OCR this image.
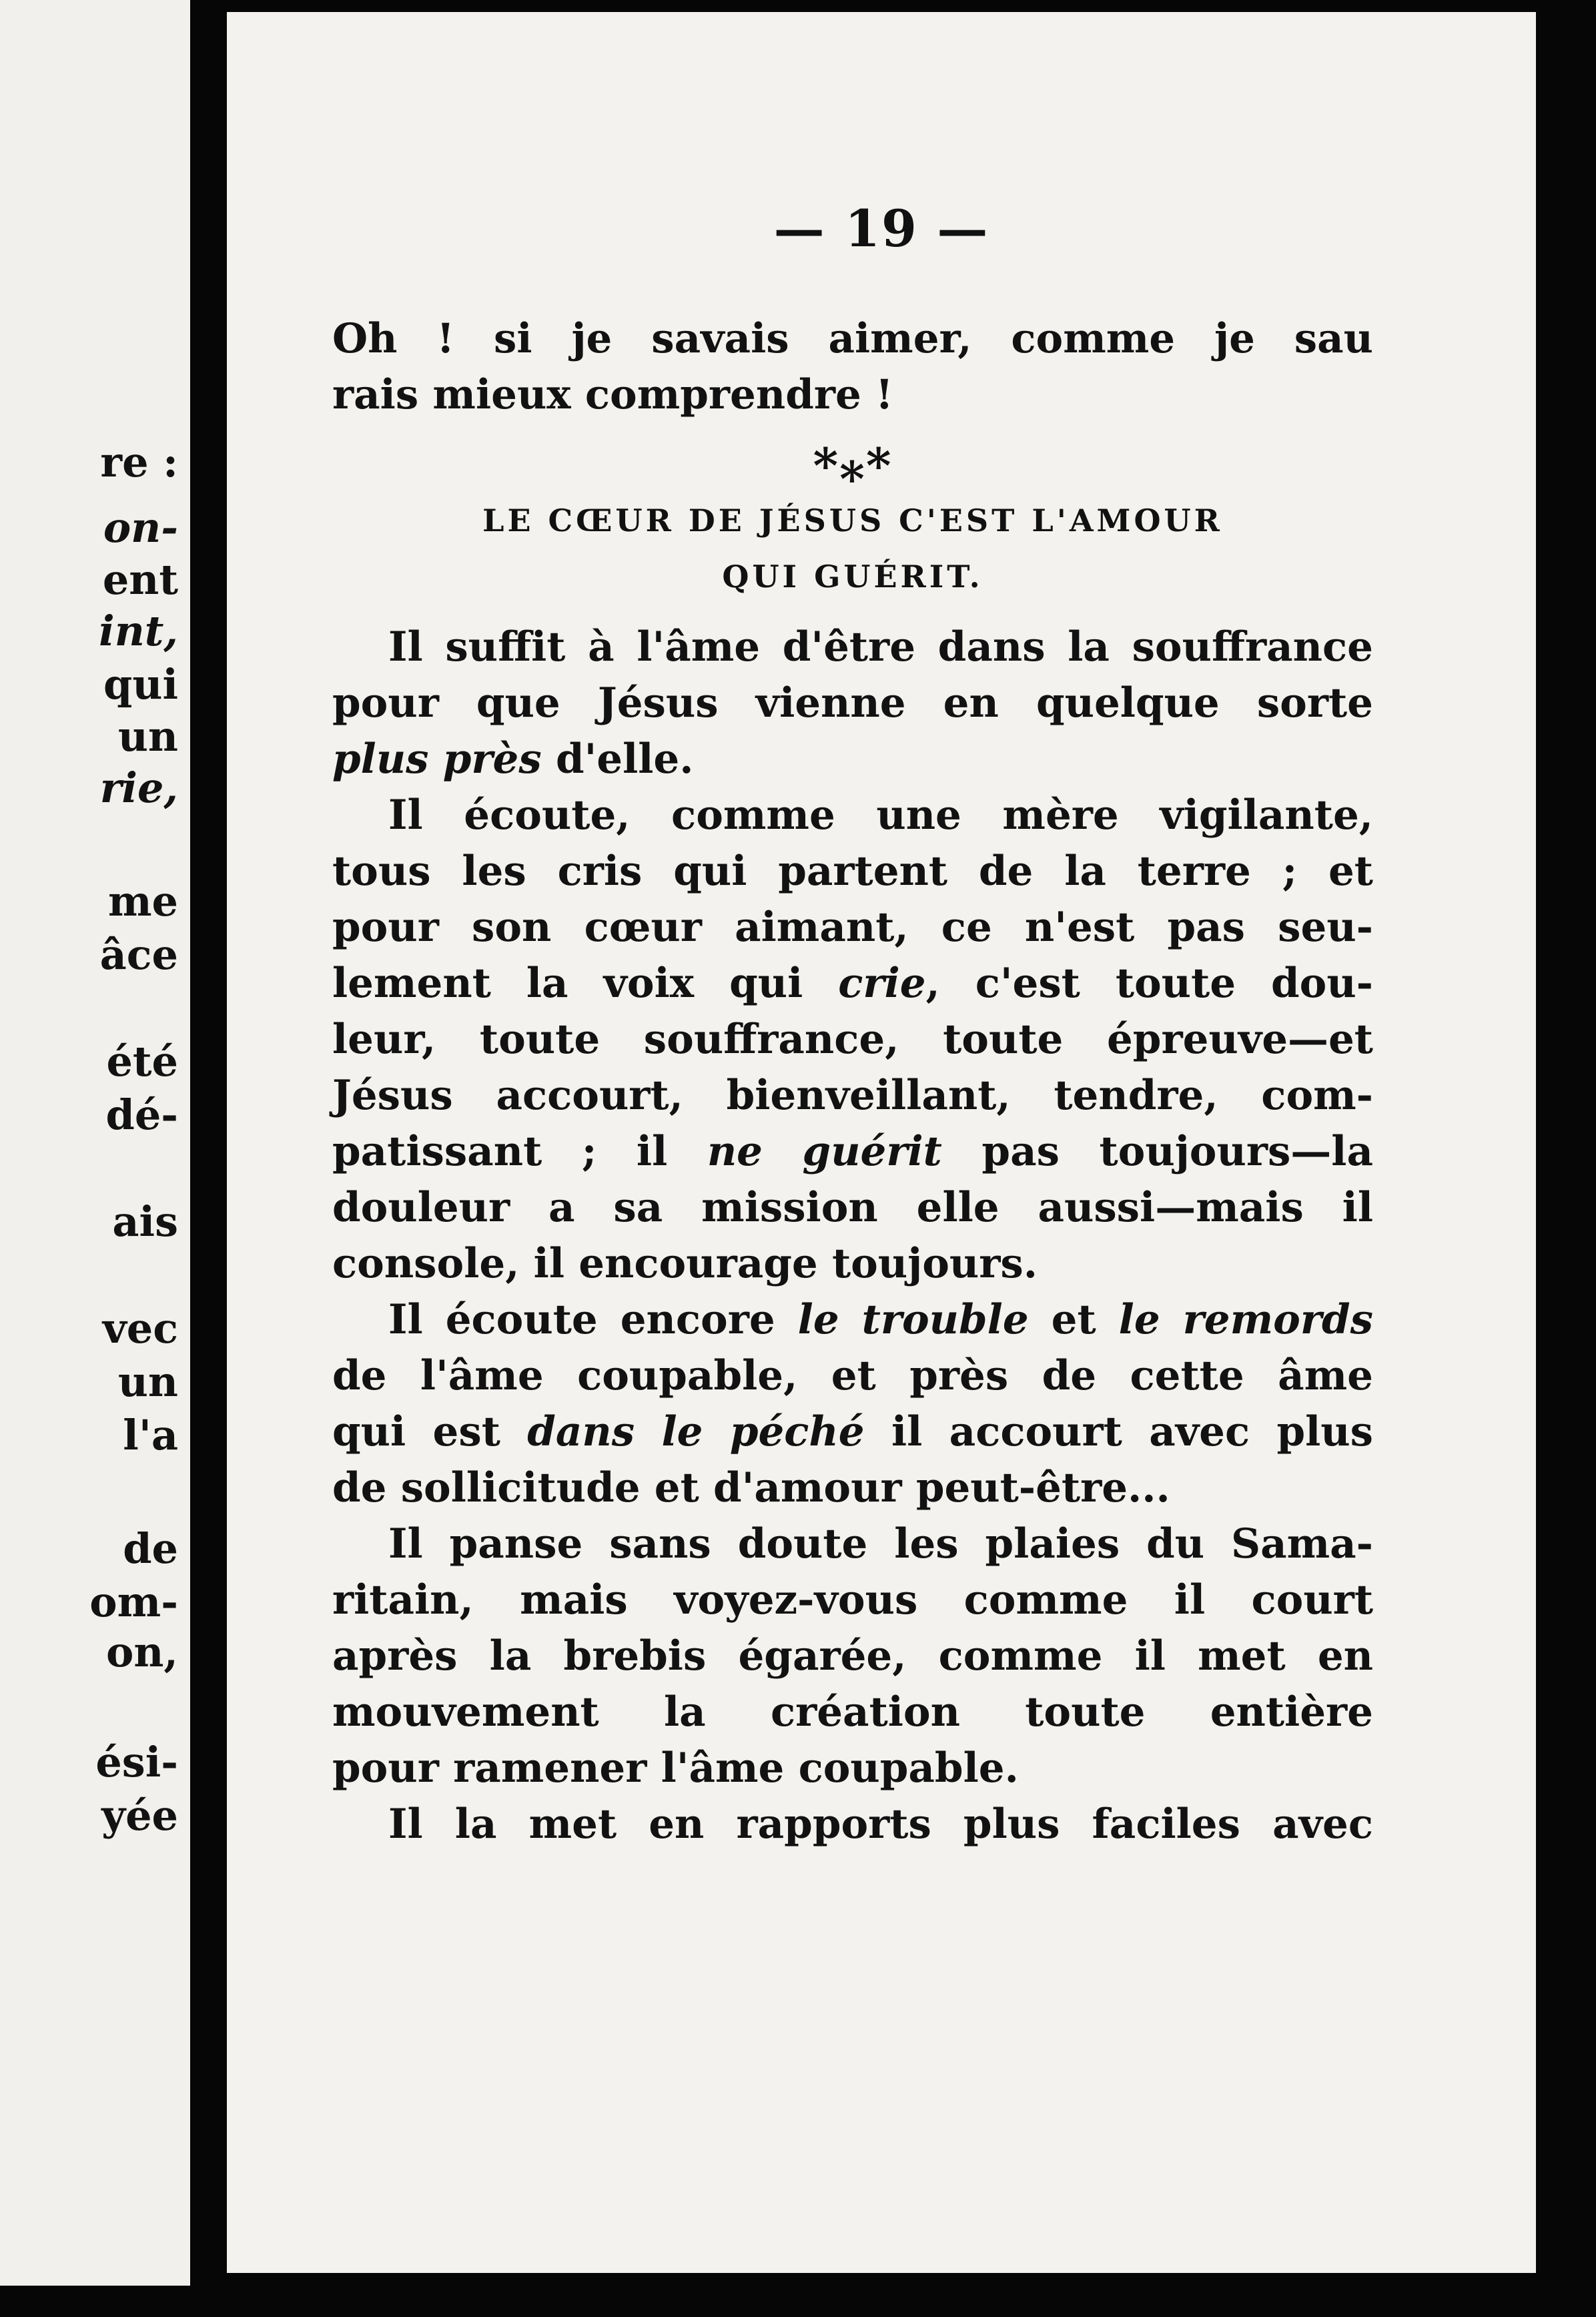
re :
on-
ent
int,
qui
un
rie,
me
âce
été
dé-
ais
vec
un
l'a
de
om-
on,
ési-
yée
— 19 —
Oh ! si je savais aimer, comme je sau
rais mieux comprendre !
*⁎*
LE CŒUR DE JÉSUS C'EST L'AMOUR
QUI GUÉRIT.
Il suffit à l'âme d'être dans la souffrance
pour que Jésus vienne en quelque sorte
plus près d'elle.
Il écoute, comme une mère vigilante,
tous les cris qui partent de la terre ; et
pour son cœur aimant, ce n'est pas seu-
lement la voix qui crie, c'est toute dou-
leur, toute souffrance, toute épreuve—et
Jésus accourt, bienveillant, tendre, com-
patissant ; il ne guérit pas toujours—la
douleur a sa mission elle aussi—mais il
console, il encourage toujours.
Il écoute encore le trouble et le remords
de l'âme coupable, et près de cette âme
qui est dans le péché il accourt avec plus
de sollicitude et d'amour peut-être...
Il panse sans doute les plaies du Sama-
ritain, mais voyez-vous comme il court
après la brebis égarée, comme il met en
mouvement la création toute entière
pour ramener l'âme coupable.
Il la met en rapports plus faciles avec
